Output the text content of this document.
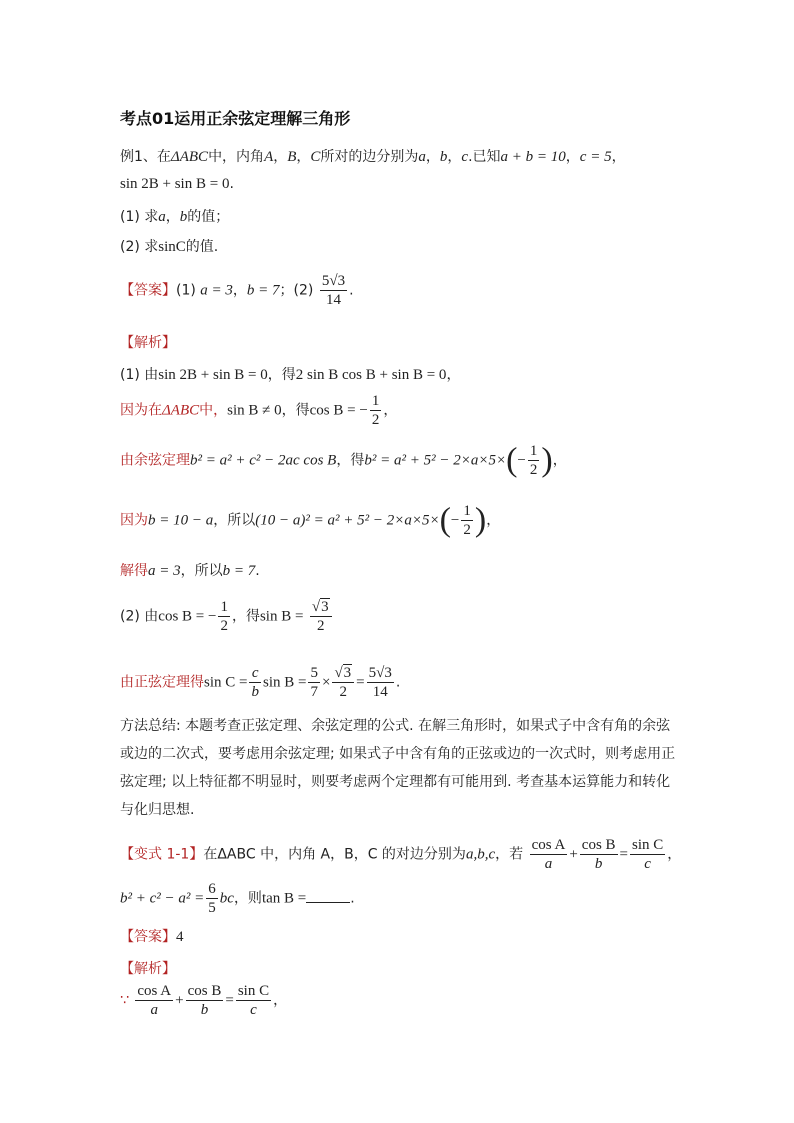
考点01运用正余弦定理解三角形
例1、在ΔABC中，内角A，B，C所对的边分别为a，b，c.已知a + b = 10，c = 5，
sin 2B + sin B = 0.
(1) 求a，b的值；
(2) 求sinC的值.
【答案】(1) a = 3，b = 7；$(2) \frac{5√3}{14}$ .
【解析】
(1) 由sin 2B + sin B = 0，得2 sin B cos B + sin B = 0，
因为在ΔABC中，sin B ≠ 0，得cos B = − $\frac{1}{2}$ ，
由余弦定理b² = a² + c² − 2ac cos B，得$b^2 = a^2 + 5^2 - 2\times a\times 5\times(- \frac{1}{2}$ )，
因为b = 10 − a，所以$(10 - a)^2 = a^2 + 5^2 - 2\times a\times 5\times(- \frac{1}{2}$ )，
解得a = 3，所以b = 7.
(2) 由cos B = − $\frac{1}{2}$ ，得$\sin B = \frac{√3}{2}$
由正弦定理得$\sin C = \frac{c}{b}$ $\sin B = \frac{5}{7} \times \frac{√3}{2} = \frac{5√3}{14}$ .
方法总结: 本题考查正弦定理、余弦定理的公式. 在解三角形时，如果式子中含有角的余弦或边的二次式，要考虑用余弦定理; 如果式子中含有角的正弦或边的一次式时，则考虑用正弦定理; 以上特征都不明显时，则要考虑两个定理都有可能用到. 考查基本运算能力和转化与化归思想.
【变式 1-1】在ΔABC 中，内角 A，B，C 的对边分别为a,b,c，若 $\frac{\text{cos A}}{a} + \frac{\text{cos B}}{b} = \frac{\text{sin C}}{c}$ ，
$b^2 + c^2 - a^2 = \frac{6}{5}$ bc，则tan B =	.
【答案】4
【解析】
∵ $\frac{\text{cos A}}{a} + \frac{\text{cos B}}{b} = \frac{\text{sin C}}{c}$ ，
